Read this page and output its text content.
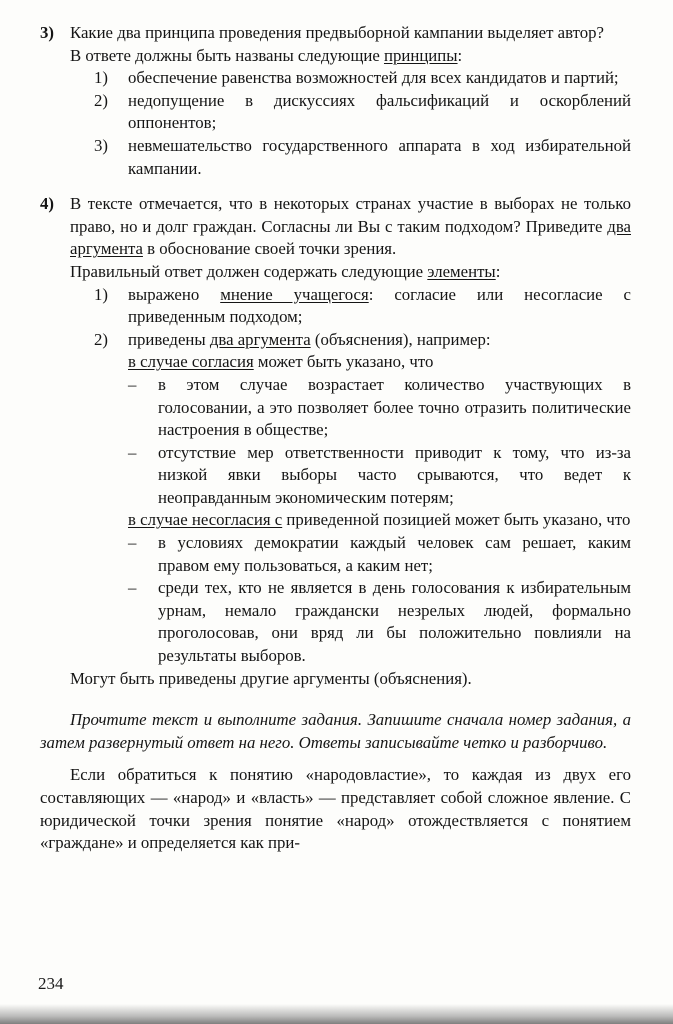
3) Какие два принципа проведения предвыборной кампании выделяет автор?

В ответе должны быть названы следующие принципы:

1)	обеспечение равенства возможностей для всех кандидатов и партий;

2)	недопущение в дискуссиях фальсификаций и оскорблений оппонентов;

3)	невмешательство государственного аппарата в ход избирательной кампании.

4) В тексте отмечается, что в некоторых странах участие в выборах не только право, но и долг граждан. Согласны ли Вы с таким подходом? Приведите два аргумента в обоснование своей точки зрения.

Правильный ответ должен содержать следующие элементы:

1)	выражено мнение учащегося: согласие или несогласие с приведенным подходом;

2)	приведены два аргумента (объяснения), например:

в случае согласия может быть указано, что

–	в этом случае возрастает количество участвующих в голосовании, а это позволяет более точно отразить политические настроения в обществе;

–	отсутствие мер ответственности приводит к тому, что из-за низкой явки выборы часто срываются, что ведет к неоправданным экономическим потерям;

в случае несогласия с приведенной позицией может быть указано, что

–	в условиях демократии каждый человек сам решает, каким правом ему пользоваться, а каким нет;

–	среди тех, кто не является в день голосования к избирательным урнам, немало граждански незрелых людей, формально проголосовав, они вряд ли бы положительно повлияли на результаты выборов.

Могут быть приведены другие аргументы (объяснения).

Прочтите текст и выполните задания. Запишите сначала номер задания, а затем развернутый ответ на него. Ответы записывайте четко и разборчиво.

Если обратиться к понятию «народовластие», то каждая из двух его составляющих — «народ» и «власть» — представляет собой сложное явление. С юридической точки зрения понятие «народ» отождествляется с понятием «граждане» и определяется как при-

234
